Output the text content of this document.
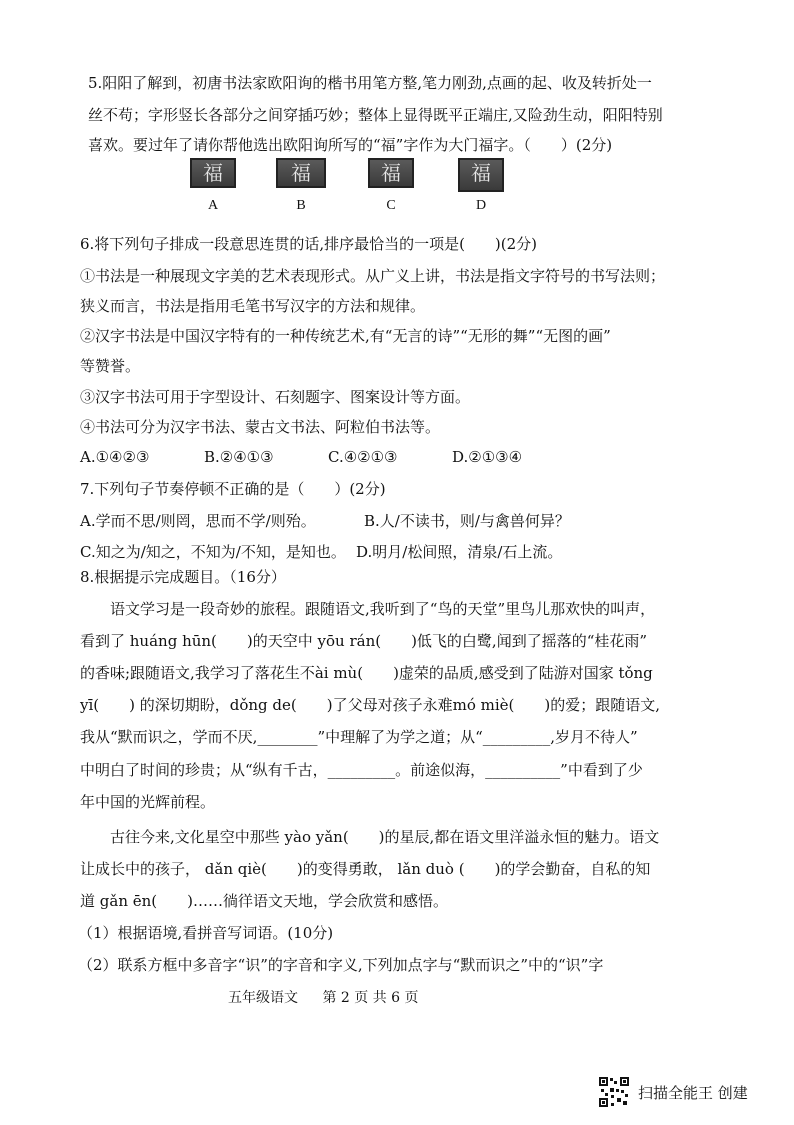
5.阳阳了解到，初唐书法家欧阳询的楷书用笔方整,笔力刚劲,点画的起、收及转折处一
丝不苟；字形竖长各部分之间穿插巧妙；整体上显得既平正端庄,又险劲生动，阳阳特别
喜欢。要过年了请你帮他选出欧阳询所写的“福”字作为大门福字。（　　）(2分)
福
A
福
B
福
C
福
D
6.将下列句子排成一段意思连贯的话,排序最恰当的一项是(　　)(2分)
①书法是一种展现文字美的艺术表现形式。从广义上讲，书法是指文字符号的书写法则；
狭义而言，书法是指用毛笔书写汉字的方法和规律。
②汉字书法是中国汉字特有的一种传统艺术,有“无言的诗”“无形的舞”“无图的画”
等赞誉。
③汉字书法可用于字型设计、石刻题字、图案设计等方面。
④书法可分为汉字书法、蒙古文书法、阿粒伯书法等。
A.①④②③	B.②④①③	C.④②①③	D.②①③④
7.下列句子节奏停顿不正确的是（　　）(2分)
A.学而不思/则罔，思而不学/则殆。	B.人/不读书，则/与禽兽何异？
C.知之为/知之，不知为/不知，是知也。 D.明月/松间照，清泉/石上流。
8.根据提示完成题目。（16分）
　　语文学习是一段奇妙的旅程。跟随语文,我听到了“鸟的天堂”里鸟儿那欢快的叫声，
看到了 huáng hūn(　　)的天空中 yōu rán(　　)低飞的白鹭,闻到了摇落的“桂花雨”
的香味;跟随语文,我学习了落花生不ài mù(　　)虚荣的品质,感受到了陆游对国家 tǒng
yī(　　) 的深切期盼，dǒng de(　　)了父母对孩子永难mó miè(　　)的爱；跟随语文,
我从“默而识之，学而不厌,________”中理解了为学之道；从“_________,岁月不待人”
中明白了时间的珍贵；从“纵有千古，_________。前途似海，__________”中看到了少
年中国的光辉前程。
　　古往今来,文化星空中那些 yào yǎn(　　)的星辰,都在语文里洋溢永恒的魅力。语文
让成长中的孩子， dǎn qiè(　　)的变得勇敢， lǎn duò (　　)的学会勤奋，自私的知
道 gǎn ēn(　　)……徜徉语文天地，学会欣赏和感悟。
（1）根据语境,看拼音写词语。(10分)
（2）联系方框中多音字“识”的字音和字义,下列加点字与“默而识之”中的“识”字
五年级语文 第 2 页 共 6 页
扫描全能王 创建
